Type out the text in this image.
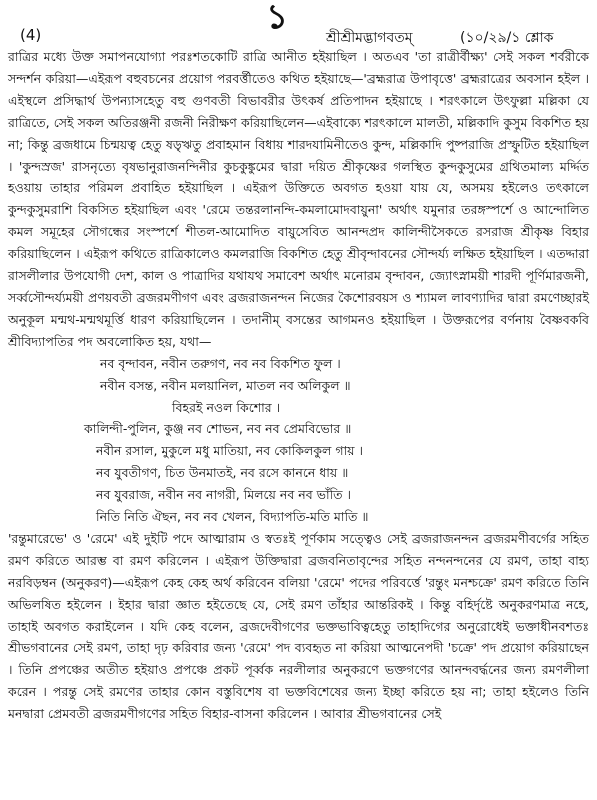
(4)	১
শ্রীশ্রীমদ্ভাগবতম্‌	(১০/২৯/১ শ্লোক

রাত্রির মধ্যে উক্ত সমাপনযোগ্যা পরঃশতকোটি রাত্রি আনীত হইয়াছিল । অতএব 'তা রাত্রীর্বীক্ষ্য' সেই সকল শর্বরীকে সন্দর্শন করিয়া—এইরূপ বহুবচনের প্রয়োগ পরবর্ত্তীতেও কথিত হইয়াছে—'ব্রহ্মরাত্র উপাবৃত্তে' ব্রহ্মরাত্রের অবসান হইল । এইস্থলে প্রসিদ্ধার্থ উপন্যাসহেতু বহু গুণবতী বিভাবরীর উৎকর্ষ প্রতিপাদন হইয়াছে । শরৎকালে উৎফুল্লা মল্লিকা যে রাত্রিতে, সেই সকল অতিরঞ্জনী রজনী নিরীক্ষণ করিয়াছিলেন—এইবাক্যে শরৎকালে মালতী, মল্লিকাদি কুসুম বিকশিত হয় না; কিন্তু ব্রজধামে চিন্ময়ত্ব হেতু ষড়ৃঋতু প্রবাহমান বিধায় শারদযামিনীতেও কুন্দ, মল্লিকাদি পুষ্পরাজি প্রস্ফুটিত হইয়াছিল । 'কুন্দস্রজ' রাসনৃত্যে বৃষভানুরাজনন্দিনীর কুচকুঙ্কুমের দ্বারা দয়িত শ্রীকৃষ্ণের গলস্থিত কুন্দকুসুমের গ্রথিতমাল্য মর্দ্দিত হওয়ায় তাহার পরিমল প্রবাহিত হইয়াছিল । এইরূপ উক্তিতে অবগত হওয়া যায় যে, অসময় হইলেও তৎকালে কুন্দকুসুমরাশি বিকসিত হইয়াছিল এবং 'রেমে তন্তরলানন্দি-কমলামোদবায়ুনা' অর্থাৎ যমুনার তরঙ্গস্পর্শে ও আন্দোলিত কমল সমূহের সৌগন্ধের সংস্পর্শে শীতল-আমোদিত বায়ুসেবিত আনন্দপ্রদ কালিন্দীসৈকতে রসরাজ শ্রীকৃষ্ণ বিহার করিয়াছিলেন । এইরূপ কথিতে রাত্রিকালেও কমলরাজি বিকশিত হেতু শ্রীবৃন্দাবনের সৌন্দর্য্য লক্ষিত হইয়াছিল । এতদ্দারা রাসলীলার উপযোগী দেশ, কাল ও পাত্রাদির যথাযথ সমাবেশ অর্থাৎ মনোরম বৃন্দাবন, জ্যোৎস্নাময়ী শারদী পূর্ণিমারজনী, সর্ব্বসৌন্দর্য্যময়ী প্রণয়বতী ব্রজরমণীগণ এবং ব্রজরাজনন্দন নিজের কৈশোরবয়স ও শ্যামল লাবণ্যাদির দ্বারা রমণেচ্ছারই অনুকূল মন্মথ-মন্মথমূর্ত্তি ধারণ করিয়াছিলেন । তদানীম্ বসন্তের আগমনও হইয়াছিল । উক্তরূপের বর্ণনায় বৈষ্ণবকবি শ্রীবিদ্যাপতির পদ অবলোকিত হয়, যথা—

নব বৃন্দাবন, নবীন তরুগণ, নব নব বিকশিত ফুল ।
নবীন বসন্ত, নবীন মলয়ানিল, মাতল নব অলিকুল ॥
বিহরই নওল কিশোর ।
কালিন্দী-পুলিন, কুঞ্জ নব শোভন, নব নব প্রেমবিভোর ॥
নবীন রসাল, মুকুলে মধু মাতিয়া, নব কোকিলকুল গায় ।
নব যুবতীগণ, চিত উনমাতই, নব রসে কাননে ধায় ॥
নব যুবরাজ, নবীন নব নাগরী, মিলয়ে নব নব ভাঁতি ।
নিতি নিতি ঐছন, নব নব খেলন, বিদ্যাপতি-মতি মাতি ॥

'রন্তুমারেভে' ও 'রেমে' এই দুইটি পদে আত্মারাম ও স্বতঃই পূর্ণকাম সত্ত্বেও সেই ব্রজরাজনন্দন ব্রজরমণীবর্গের সহিত রমণ করিতে আরম্ভ বা রমণ করিলেন । এইরূপ উক্তিদ্বারা ব্রজবনিতাবৃন্দের সহিত নন্দনন্দনের যে রমণ, তাহা বাহ্য নরবিড়ম্বন (অনুকরণ)—এইরূপ কেহ কেহ অর্থ করিবেন বলিয়া 'রেমে' পদের পরিবর্ত্তে 'রন্তুং মনশ্চক্রে' রমণ করিতে তিনি অভিলষিত হইলেন । ইহার দ্বারা জ্ঞাত হইতেছে যে, সেই রমণ তাঁহার আন্তরিকই । কিন্তু বহির্দৃষ্টে অনুকরণমাত্র নহে, তাহাই অবগত করাইলেন । যদি কেহ বলেন, ব্রজদেবীগণের ভক্তভাবিত্বহেতু তাহাদিগের অনুরোধেই ভক্তাধীনবশতঃ শ্রীভগবানের সেই রমণ, তাহা দৃঢ় করিবার জন্য 'রেমে' পদ ব্যবহৃত না করিয়া আত্মনেপদী 'চক্রে' পদ প্রয়োগ করিয়াছেন । তিনি প্রপঞ্চের অতীত হইয়াও প্রপঞ্চে প্রকট পূর্ব্বক নরলীলার অনুকরণে ভক্তগণের আনন্দবর্দ্ধনের জন্য রমণলীলা করেন । পরন্তু সেই রমণের তাহার কোন বস্তুবিশেষ বা ভক্তবিশেষের জন্য ইচ্ছা করিতে হয় না; তাহা হইলেও তিনি মনদ্বারা প্রেমবতী ব্রজরমণীগণের সহিত বিহার-বাসনা করিলেন । আবার শ্রীভগবানের সেই
